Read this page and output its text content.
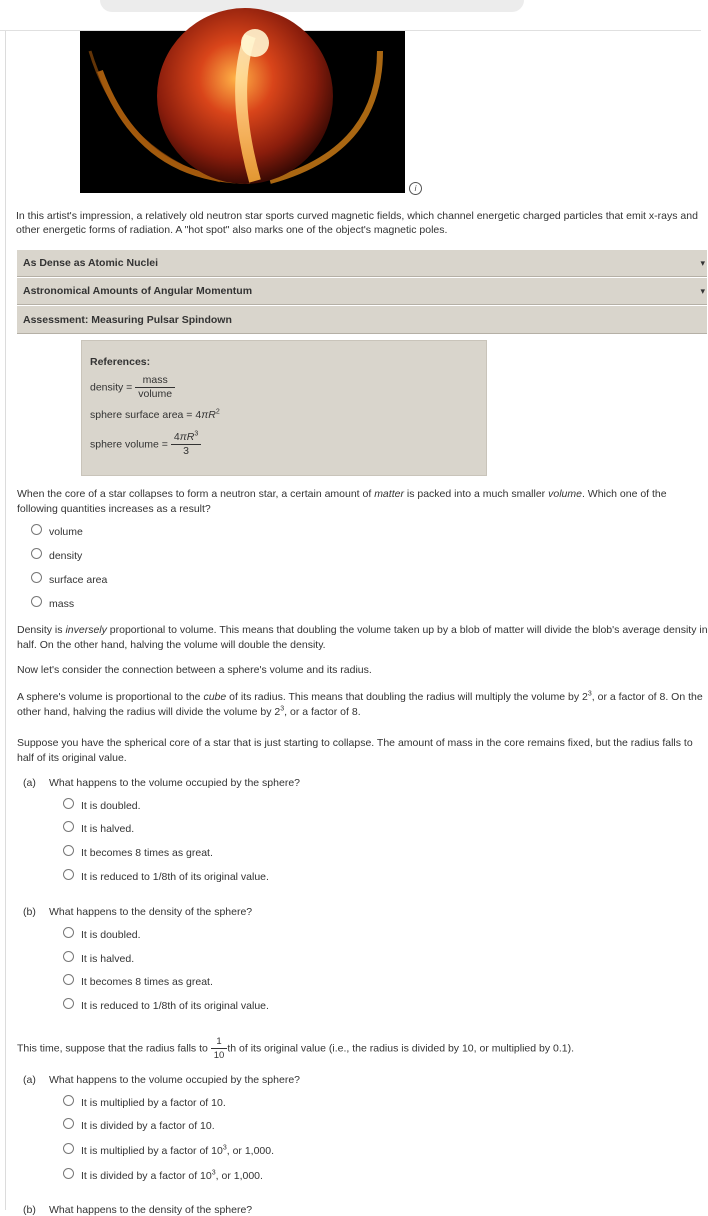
i
In this artist's impression, a relatively old neutron star sports curved magnetic fields, which channel energetic charged particles that emit x-rays and
other energetic forms of radiation. A "hot spot" also marks one of the object's magnetic poles.
As Dense as Atomic Nuclei	▾
Astronomical Amounts of Angular Momentum	▾
Assessment: Measuring Pulsar Spindown
References:
density = $\frac{\text{mass}}{\text{volume}}$
sphere surface area = $4\pi R^2$
sphere volume = $\frac{4\pi R^3}{3}$
When the core of a star collapses to form a neutron star, a certain amount of matter is packed into a much smaller volume. Which one of the
following quantities increases as a result?
volume
density
surface area
mass
Density is inversely proportional to volume. This means that doubling the volume taken up by a blob of matter will divide the blob's average density in
half. On the other hand, halving the volume will double the density.
Now let's consider the connection between a sphere's volume and its radius.
A sphere's volume is proportional to the cube of its radius. This means that doubling the radius will multiply the volume by $2^3$, or a factor of 8. On the
other hand, halving the radius will divide the volume by $2^3$, or a factor of 8.
Suppose you have the spherical core of a star that is just starting to collapse. The amount of mass in the core remains fixed, but the radius falls to
half of its original value.
(a) What happens to the volume occupied by the sphere?
It is doubled.
It is halved.
It becomes 8 times as great.
It is reduced to 1/8th of its original value.
(b) What happens to the density of the sphere?
It is doubled.
It is halved.
It becomes 8 times as great.
It is reduced to 1/8th of its original value.
This time, suppose that the radius falls to $\frac{1}{10}$ th of its original value (i.e., the radius is divided by 10, or multiplied by 0.1).
(a) What happens to the volume occupied by the sphere?
It is multiplied by a factor of 10.
It is divided by a factor of 10.
It is multiplied by a factor of $10^3$, or 1,000.
It is divided by a factor of $10^3$, or 1,000.
(b) What happens to the density of the sphere?
